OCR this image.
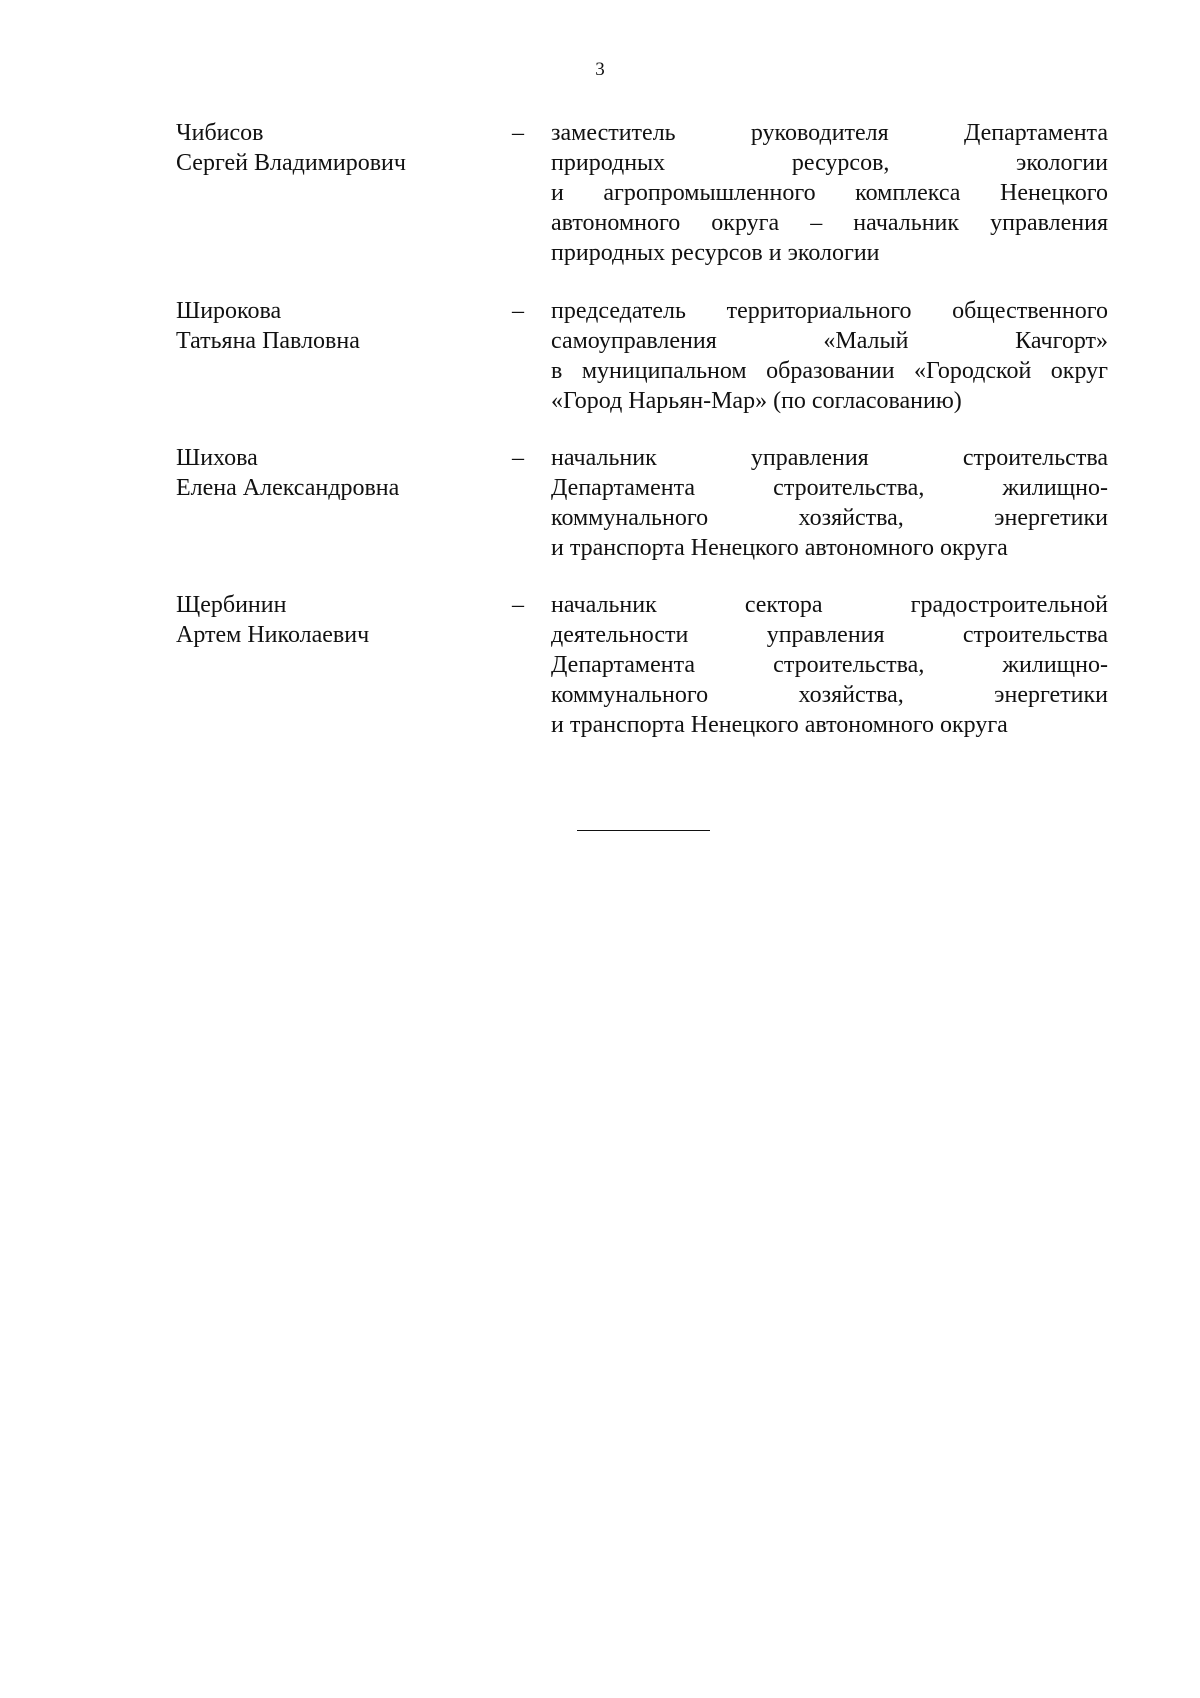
3
Чибисов
Сергей Владимирович
– заместитель руководителя Департамента
природных ресурсов, экологии
и агропромышленного комплекса Ненецкого
автономного округа – начальник управления
природных ресурсов и экологии
Широкова
Татьяна Павловна
– председатель территориального общественного
самоуправления «Малый Качгорт»
в муниципальном образовании «Городской округ
«Город Нарьян-Мар» (по согласованию)
Шихова
Елена Александровна
– начальник управления строительства
Департамента строительства, жилищно-
коммунального хозяйства, энергетики
и транспорта Ненецкого автономного округа
Щербинин
Артем Николаевич
– начальник сектора градостроительной
деятельности управления строительства
Департамента строительства, жилищно-
коммунального хозяйства, энергетики
и транспорта Ненецкого автономного округа
